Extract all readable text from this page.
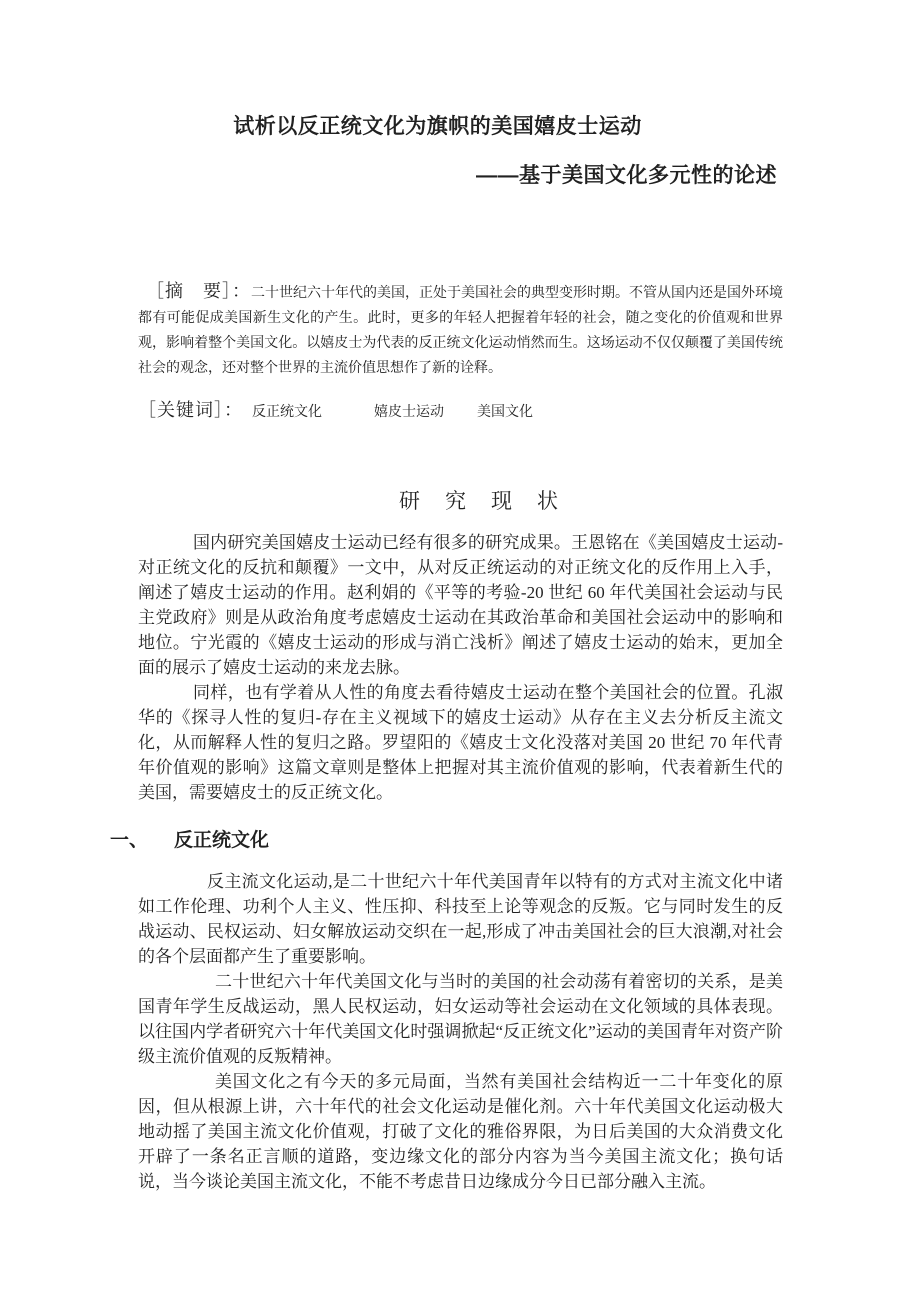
试析以反正统文化为旗帜的美国嬉皮士运动
——基于美国文化多元性的论述

［摘　要］：二十世纪六十年代的美国，正处于美国社会的典型变形时期。不管从国内还是国外环境都有可能促成美国新生文化的产生。此时，更多的年轻人把握着年轻的社会，随之变化的价值观和世界观，影响着整个美国文化。以嬉皮士为代表的反正统文化运动悄然而生。这场运动不仅仅颠覆了美国传统社会的观念，还对整个世界的主流价值思想作了新的诠释。

［关键词］： 反正统文化	嬉皮士运动 美国文化
研　究　现　状

国内研究美国嬉皮士运动已经有很多的研究成果。王恩铭在《美国嬉皮士运动-对正统文化的反抗和颠覆》一文中，从对反正统运动的对正统文化的反作用上入手，阐述了嬉皮士运动的作用。赵利娟的《平等的考验-20 世纪 60 年代美国社会运动与民主党政府》则是从政治角度考虑嬉皮士运动在其政治革命和美国社会运动中的影响和地位。宁光霞的《嬉皮士运动的形成与消亡浅析》阐述了嬉皮士运动的始末，更加全面的展示了嬉皮士运动的来龙去脉。

同样，也有学着从人性的角度去看待嬉皮士运动在整个美国社会的位置。孔淑华的《探寻人性的复归-存在主义视域下的嬉皮士运动》从存在主义去分析反主流文化，从而解释人性的复归之路。罗望阳的《嬉皮士文化没落对美国 20 世纪 70 年代青年价值观的影响》这篇文章则是整体上把握对其主流价值观的影响，代表着新生代的美国，需要嬉皮士的反正统文化。

一、 反正统文化

反主流文化运动,是二十世纪六十年代美国青年以特有的方式对主流文化中诸如工作伦理、功利个人主义、性压抑、科技至上论等观念的反叛。它与同时发生的反战运动、民权运动、妇女解放运动交织在一起,形成了冲击美国社会的巨大浪潮,对社会的各个层面都产生了重要影响。

二十世纪六十年代美国文化与当时的美国的社会动荡有着密切的关系，是美国青年学生反战运动，黑人民权运动，妇女运动等社会运动在文化领域的具体表现。以往国内学者研究六十年代美国文化时强调掀起“反正统文化”运动的美国青年对资产阶级主流价值观的反叛精神。

美国文化之有今天的多元局面，当然有美国社会结构近一二十年变化的原因，但从根源上讲，六十年代的社会文化运动是催化剂。六十年代美国文化运动极大地动摇了美国主流文化价值观，打破了文化的雅俗界限，为日后美国的大众消费文化开辟了一条名正言顺的道路，变边缘文化的部分内容为当今美国主流文化；换句话说，当今谈论美国主流文化，不能不考虑昔日边缘成分今日已部分融入主流。
